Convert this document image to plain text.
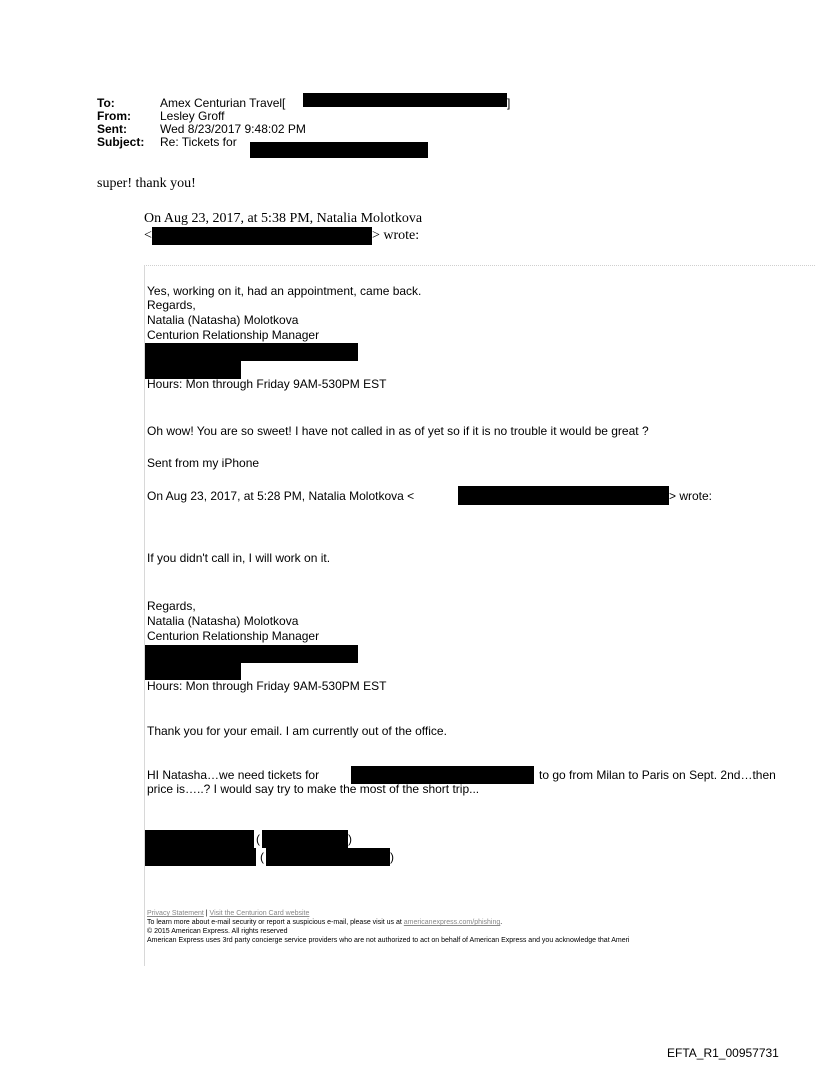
To:	Amex Centurian Travel[
From: Lesley Groff
Sent:	Wed 8/23/2017 9:48:02 PM
Subject: Re: Tickets for
]
super! thank you!
On Aug 23, 2017, at 5:38 PM, Natalia Molotkova
<	> wrote:
Yes, working on it, had an appointment, came back.
Regards,
Natalia (Natasha) Molotkova
Centurion Relationship Manager
Hours: Mon through Friday 9AM-530PM EST
Oh wow! You are so sweet! I have not called in as of yet so if it is no trouble it would be great ?
Sent from my iPhone
On Aug 23, 2017, at 5:28 PM, Natalia Molotkova <	> wrote:
If you didn't call in, I will work on it.
Regards,
Natalia (Natasha) Molotkova
Centurion Relationship Manager
Hours: Mon through Friday 9AM-530PM EST
Thank you for your email. I am currently out of the office.
HI Natasha…we need tickets for	to go from Milan to Paris on Sept. 2nd…then
price is…..? I would say try to make the most of the short trip...
(	)
(	)
Privacy Statement | Visit the Centurion Card website
To learn more about e-mail security or report a suspicious e-mail, please visit us at americanexpress.com/phishing.
© 2015 American Express. All rights reserved
American Express uses 3rd party concierge service providers who are not authorized to act on behalf of American Express and you acknowledge that Ameri
EFTA_R1_00957731
